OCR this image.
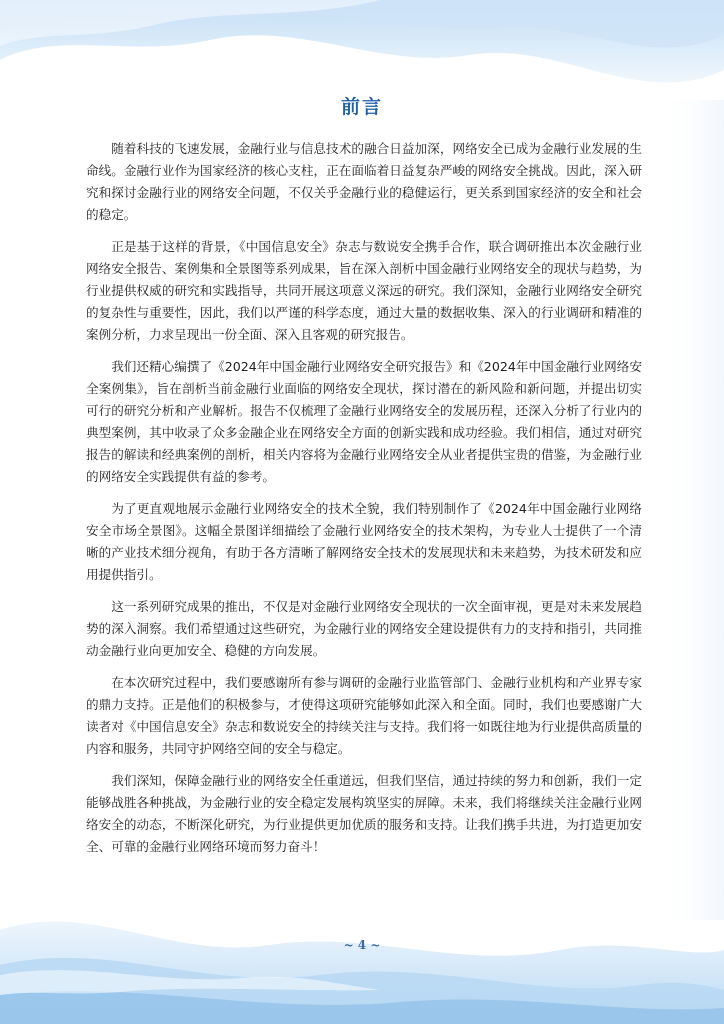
前言

随着科技的飞速发展，金融行业与信息技术的融合日益加深，网络安全已成为金融行业发展的生命线。金融行业作为国家经济的核心支柱，正在面临着日益复杂严峻的网络安全挑战。因此，深入研究和探讨金融行业的网络安全问题，不仅关乎金融行业的稳健运行，更关系到国家经济的安全和社会的稳定。

正是基于这样的背景，《中国信息安全》杂志与数说安全携手合作，联合调研推出本次金融行业网络安全报告、案例集和全景图等系列成果，旨在深入剖析中国金融行业网络安全的现状与趋势，为行业提供权威的研究和实践指导，共同开展这项意义深远的研究。我们深知，金融行业网络安全研究的复杂性与重要性，因此，我们以严谨的科学态度，通过大量的数据收集、深入的行业调研和精准的案例分析，力求呈现出一份全面、深入且客观的研究报告。

我们还精心编撰了《2024年中国金融行业网络安全研究报告》和《2024年中国金融行业网络安全案例集》，旨在剖析当前金融行业面临的网络安全现状，探讨潜在的新风险和新问题，并提出切实可行的研究分析和产业解析。报告不仅梳理了金融行业网络安全的发展历程，还深入分析了行业内的典型案例，其中收录了众多金融企业在网络安全方面的创新实践和成功经验。我们相信，通过对研究报告的解读和经典案例的剖析，相关内容将为金融行业网络安全从业者提供宝贵的借鉴，为金融行业的网络安全实践提供有益的参考。

为了更直观地展示金融行业网络安全的技术全貌，我们特别制作了《2024年中国金融行业网络安全市场全景图》。这幅全景图详细描绘了金融行业网络安全的技术架构，为专业人士提供了一个清晰的产业技术细分视角，有助于各方清晰了解网络安全技术的发展现状和未来趋势，为技术研发和应用提供指引。

这一系列研究成果的推出，不仅是对金融行业网络安全现状的一次全面审视，更是对未来发展趋势的深入洞察。我们希望通过这些研究，为金融行业的网络安全建设提供有力的支持和指引，共同推动金融行业向更加安全、稳健的方向发展。

在本次研究过程中，我们要感谢所有参与调研的金融行业监管部门、金融行业机构和产业界专家的鼎力支持。正是他们的积极参与，才使得这项研究能够如此深入和全面。同时，我们也要感谢广大读者对《中国信息安全》杂志和数说安全的持续关注与支持。我们将一如既往地为行业提供高质量的内容和服务，共同守护网络空间的安全与稳定。

我们深知，保障金融行业的网络安全任重道远，但我们坚信，通过持续的努力和创新，我们一定能够战胜各种挑战，为金融行业的安全稳定发展构筑坚实的屏障。未来，我们将继续关注金融行业网络安全的动态，不断深化研究，为行业提供更加优质的服务和支持。让我们携手共进，为打造更加安全、可靠的金融行业网络环境而努力奋斗！

~ 4 ~
